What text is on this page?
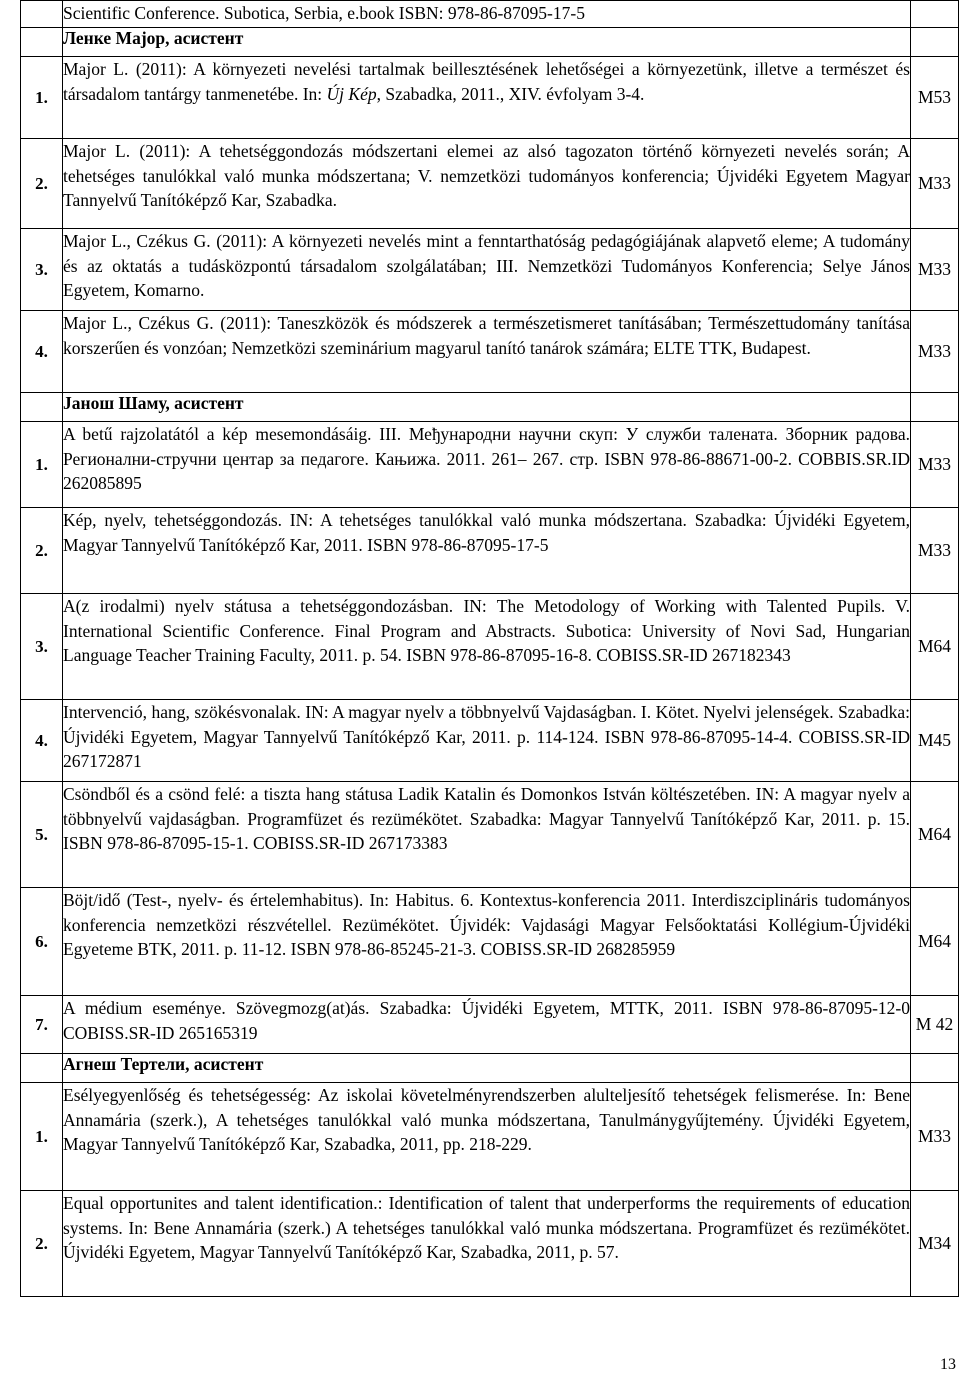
	Scientific Conference. Subotica, Serbia, e.book ISBN: 978-86-87095-17-5	
	Ленке Мајор, асистент	
1.	Major L. (2011): A környezeti nevelési tartalmak beillesztésének lehetőségei a környezetünk, illetve a természet és társadalom tantárgy tanmenetébe. In: Új Kép, Szabadka, 2011., XIV. évfolyam 3-4.	M53
2.	Major L. (2011): A tehetséggondozás módszertani elemei az alsó tagozaton történő környezeti nevelés során; A tehetséges tanulókkal való munka módszertana; V. nemzetközi tudományos konferencia; Újvidéki Egyetem Magyar Tannyelvű Tanítóképző Kar, Szabadka.	M33
3.	Major L., Czékus G. (2011): A környezeti nevelés mint a fenntarthatóság pedagógiájának alapvető eleme; A tudomány és az oktatás a tudásközpontú társadalom szolgálatában; III. Nemzetközi Tudományos Konferencia; Selye János Egyetem, Komarno.	M33
4.	Major L., Czékus G. (2011): Taneszközök és módszerek a természetismeret tanításában; Természettudomány tanítása korszerűen és vonzóan; Nemzetközi szeminárium magyarul tanító tanárok számára; ELTE TTK, Budapest.	M33
	Јанош Шаму, асистент	
1.	A betű rajzolatától a kép mesemondásáig. III. Међународни научни скуп: У служби талената. Зборник радова. Регионални-стручни центар за педагоге. Кањижа. 2011. 261– 267. стр. ISBN 978-86-88671-00-2. COBBIS.SR.ID 262085895	M33
2.	Kép, nyelv, tehetséggondozás. IN: A tehetséges tanulókkal való munka módszertana. Szabadka: Újvidéki Egyetem, Magyar Tannyelvű Tanítóképző Kar, 2011. ISBN 978-86-87095-17-5	M33
3.	A(z irodalmi) nyelv státusa a tehetséggondozásban. IN: The Metodology of Working with Talented Pupils. V. International Scientific Conference. Final Program and Abstracts. Subotica: University of Novi Sad, Hungarian Language Teacher Training Faculty, 2011. p. 54. ISBN 978-86-87095-16-8. COBISS.SR-ID 267182343	M64
4.	Intervenció, hang, szökésvonalak. IN: A magyar nyelv a többnyelvű Vajdaságban. I. Kötet. Nyelvi jelenségek. Szabadka: Újvidéki Egyetem, Magyar Tannyelvű Tanítóképző Kar, 2011. p. 114-124. ISBN 978-86-87095-14-4. COBISS.SR-ID 267172871	M45
5.	Csöndből és a csönd felé: a tiszta hang státusa Ladik Katalin és Domonkos István költészetében. IN: A magyar nyelv a többnyelvű vajdaságban. Programfüzet és rezümékötet. Szabadka: Magyar Tannyelvű Tanítóképző Kar, 2011. p. 15. ISBN 978-86-87095-15-1. COBISS.SR-ID 267173383	M64
6.	Böjt/idő (Test-, nyelv- és értelemhabitus). In: Habitus. 6. Kontextus-konferencia 2011. Interdiszciplináris tudományos konferencia nemzetközi részvétellel. Rezümékötet. Újvidék: Vajdasági Magyar Felsőoktatási Kollégium-Újvidéki Egyeteme BTK, 2011. p. 11-12. ISBN 978-86-85245-21-3. COBISS.SR-ID 268285959	M64
7.	A médium eseménye. Szövegmozg(at)ás. Szabadka: Újvidéki Egyetem, MTTK, 2011. ISBN 978-86-87095-12-0 COBISS.SR-ID 265165319	M 42
	Агнеш Тертели, асистент	
1.	Esélyegyenlőség és tehetségesség: Az iskolai követelményrendszerben alulteljesítő tehetségek felismerése. In: Bene Annamária (szerk.), A tehetséges tanulókkal való munka módszertana, Tanulmánygyűjtemény. Újvidéki Egyetem, Magyar Tannyelvű Tanítóképző Kar, Szabadka, 2011, pp. 218-229.	M33
2.	Equal opportunites and talent identification.: Identification of talent that underperforms the requirements of education systems. In: Bene Annamária (szerk.) A tehetséges tanulókkal való munka módszertana. Programfüzet és rezümékötet. Újvidéki Egyetem, Magyar Tannyelvű Tanítóképző Kar, Szabadka, 2011, p. 57.	M34
13
